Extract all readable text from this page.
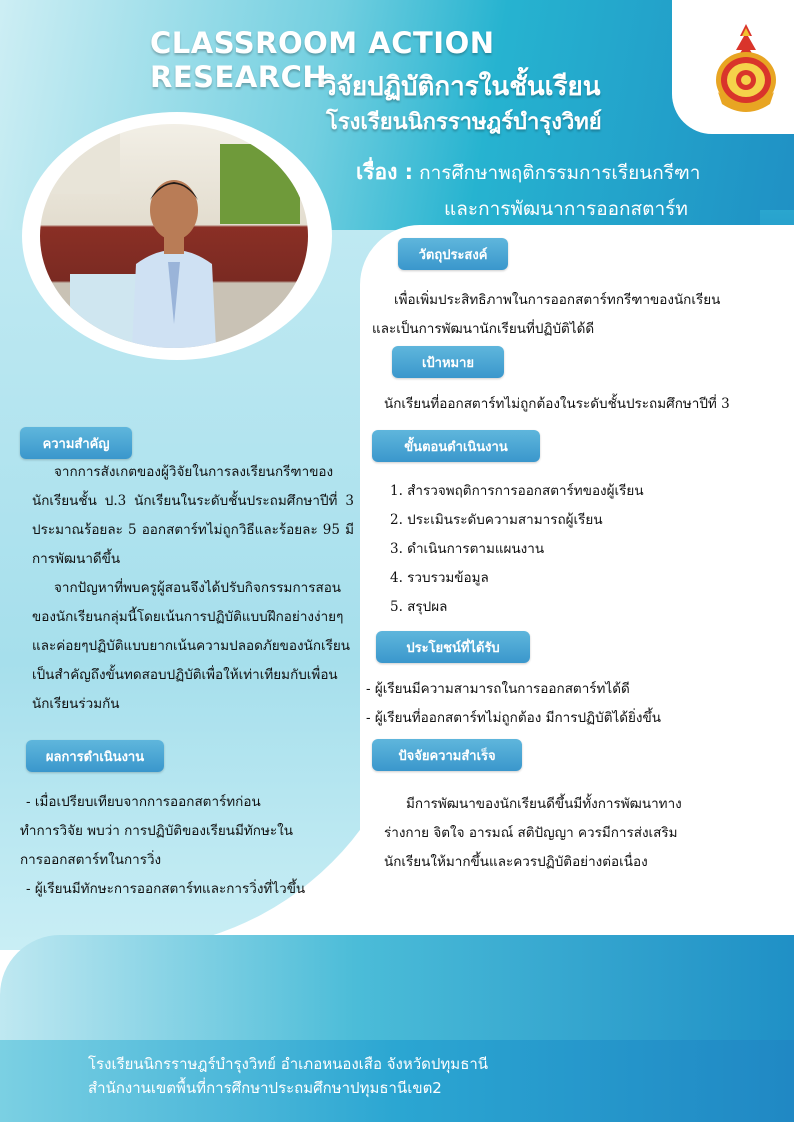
CLASSROOM ACTION RESEARCH
วิจัยปฏิบัติการในชั้นเรียน
โรงเรียนนิกรราษฎร์บำรุงวิทย์
เรื่อง : การศึกษาพฤติกรรมการเรียนกรีฑา
และการพัฒนาการออกสตาร์ท
วัตถุประสงค์

เพื่อเพิ่มประสิทธิภาพในการออกสตาร์ทกรีฑาของนักเรียน

และเป็นการพัฒนานักเรียนที่ปฏิบัติได้ดี

เป้าหมาย
นักเรียนที่ออกสตาร์ทไม่ถูกต้องในระดับชั้นประถมศึกษาปีที่ 3
ขั้นตอนดำเนินงาน
1. สำรวจพฤติการการออกสตาร์ทของผู้เรียน
2. ประเมินระดับความสามารถผู้เรียน
3. ดำเนินการตามแผนงาน
4. รวบรวมข้อมูล
5. สรุปผล
ประโยชน์ที่ได้รับ
- ผู้เรียนมีความสามารถในการออกสตาร์ทได้ดี
- ผู้เรียนที่ออกสตาร์ทไม่ถูกต้อง มีการปฏิบัติได้ยิ่งขึ้น
ปัจจัยความสำเร็จ

มีการพัฒนาของนักเรียนดีขึ้นมีทั้งการพัฒนาทาง

ร่างกาย จิตใจ อารมณ์ สติปัญญา ควรมีการส่งเสริม

นักเรียนให้มากขึ้นและควรปฏิบัติอย่างต่อเนื่อง

ความสำคัญ

จากการสังเกตของผู้วิจัยในการลงเรียนกรีฑาของนักเรียนชั้น ป.3 นักเรียนในระดับชั้นประถมศึกษาปีที่ 3 ประมาณร้อยละ 5 ออกสตาร์ทไม่ถูกวิธีและร้อยละ 95 มีการพัฒนาดีขึ้น

จากปัญหาที่พบครูผู้สอนจึงได้ปรับกิจกรรมการสอนของนักเรียนกลุ่มนี้โดยเน้นการปฏิบัติแบบฝึกอย่างง่ายๆ และค่อยๆปฏิบัติแบบยากเน้นความปลอดภัยของนักเรียนเป็นสำคัญถึงขั้นทดสอบปฏิบัติเพื่อให้เท่าเทียมกับเพื่อนนักเรียนร่วมกัน

ผลการดำเนินงาน
- เมื่อเปรียบเทียบจากการออกสตาร์ทก่อน
ทำการวิจัย พบว่า การปฏิบัติของเรียนมีทักษะใน
การออกสตาร์ทในการวิ่ง
- ผู้เรียนมีทักษะการออกสตาร์ทและการวิ่งที่ไวขึ้น
โรงเรียนนิกรราษฎร์บำรุงวิทย์ อำเภอหนองเสือ จังหวัดปทุมธานี
สำนักงานเขตพื้นที่การศึกษาประถมศึกษาปทุมธานีเขต2
